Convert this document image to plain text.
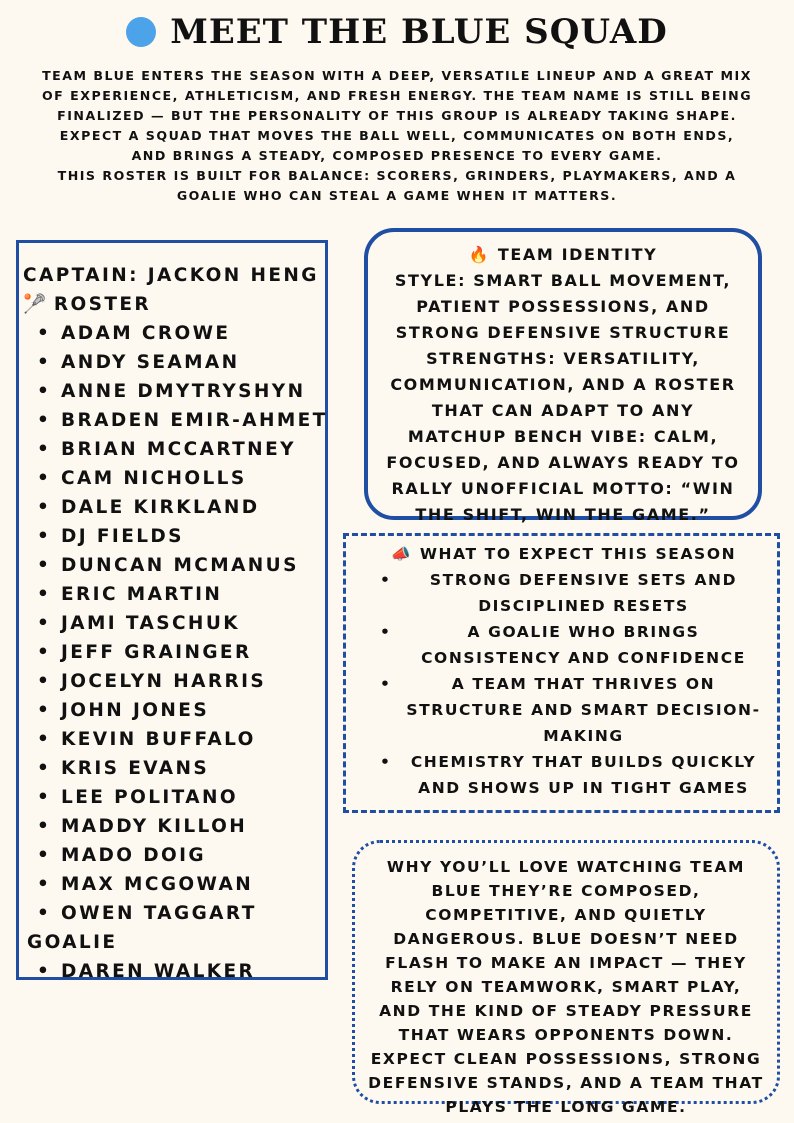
MEET THE BLUE SQUAD

TEAM BLUE ENTERS THE SEASON WITH A DEEP, VERSATILE LINEUP AND A GREAT MIX OF EXPERIENCE, ATHLETICISM, AND FRESH ENERGY. THE TEAM NAME IS STILL BEING FINALIZED — BUT THE PERSONALITY OF THIS GROUP IS ALREADY TAKING SHAPE. EXPECT A SQUAD THAT MOVES THE BALL WELL, COMMUNICATES ON BOTH ENDS, AND BRINGS A STEADY, COMPOSED PRESENCE TO EVERY GAME.

THIS ROSTER IS BUILT FOR BALANCE: SCORERS, GRINDERS, PLAYMAKERS, AND A GOALIE WHO CAN STEAL A GAME WHEN IT MATTERS.

CAPTAIN: JACKON HENG
🥍 ROSTER
• ADAM CROWE
• ANDY SEAMAN
• ANNE DMYTRYSHYN
• BRADEN EMIR-AHMET
• BRIAN MCCARTNEY
• CAM NICHOLLS
• DALE KIRKLAND
• DJ FIELDS
• DUNCAN MCMANUS
• ERIC MARTIN
• JAMI TASCHUK
• JEFF GRAINGER
• JOCELYN HARRIS
• JOHN JONES
• KEVIN BUFFALO
• KRIS EVANS
• LEE POLITANO
• MADDY KILLOH
• MADO DOIG
• MAX MCGOWAN
• OWEN TAGGART
GOALIE
• DAREN WALKER
🔥 TEAM IDENTITY
STYLE: SMART BALL MOVEMENT, PATIENT POSSESSIONS, AND STRONG DEFENSIVE STRUCTURE STRENGTHS: VERSATILITY, COMMUNICATION, AND A ROSTER THAT CAN ADAPT TO ANY MATCHUP BENCH VIBE: CALM, FOCUSED, AND ALWAYS READY TO RALLY UNOFFICIAL MOTTO: “WIN THE SHIFT, WIN THE GAME.”
📣 WHAT TO EXPECT THIS SEASON
•	STRONG DEFENSIVE SETS AND DISCIPLINED RESETS
•	A GOALIE WHO BRINGS CONSISTENCY AND CONFIDENCE
•	A TEAM THAT THRIVES ON STRUCTURE AND SMART DECISION-MAKING
•	CHEMISTRY THAT BUILDS QUICKLY AND SHOWS UP IN TIGHT GAMES
WHY YOU’LL LOVE WATCHING TEAM BLUE THEY’RE COMPOSED, COMPETITIVE, AND QUIETLY DANGEROUS. BLUE DOESN’T NEED FLASH TO MAKE AN IMPACT — THEY RELY ON TEAMWORK, SMART PLAY, AND THE KIND OF STEADY PRESSURE THAT WEARS OPPONENTS DOWN. EXPECT CLEAN POSSESSIONS, STRONG DEFENSIVE STANDS, AND A TEAM THAT PLAYS THE LONG GAME.
